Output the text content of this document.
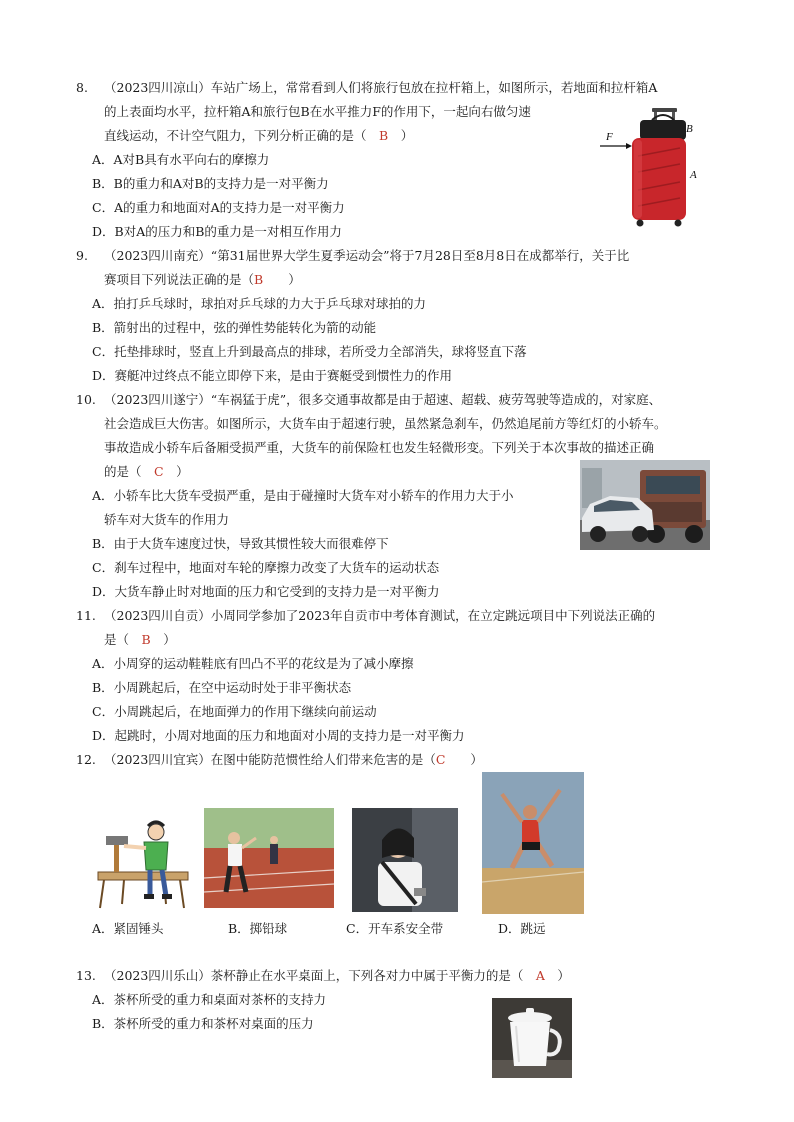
8. （2023四川凉山）车站广场上，常常看到人们将旅行包放在拉杆箱上，如图所示，若地面和拉杆箱A
的上表面均水平，拉杆箱A和旅行包B在水平推力F的作用下，一起向右做匀速
直线运动，不计空气阻力，下列分析正确的是（　B　）
A．A对B具有水平向右的摩擦力
B．B的重力和A对B的支持力是一对平衡力
C．A的重力和地面对A的支持力是一对平衡力
D．B对A的压力和B的重力是一对相互作用力
F
B
A
9. （2023四川南充）“第31届世界大学生夏季运动会”将于7月28日至8月8日在成都举行，关于比
赛项目下列说法正确的是（B　　）
A．拍打乒乓球时，球拍对乒乓球的力大于乒乓球对球拍的力
B．箭射出的过程中，弦的弹性势能转化为箭的动能
C．托垫排球时，竖直上升到最高点的排球，若所受力全部消失，球将竖直下落
D．赛艇冲过终点不能立即停下来，是由于赛艇受到惯性力的作用
10. （2023四川遂宁）“车祸猛于虎”，很多交通事故都是由于超速、超载、疲劳驾驶等造成的，对家庭、
社会造成巨大伤害。如图所示，大货车由于超速行驶，虽然紧急刹车，仍然追尾前方等红灯的小轿车。
事故造成小轿车后备厢受损严重，大货车的前保险杠也发生轻微形变。下列关于本次事故的描述正确
的是（　C　）
A．小轿车比大货车受损严重，是由于碰撞时大货车对小轿车的作用力大于小
轿车对大货车的作用力
B．由于大货车速度过快，导致其惯性较大而很难停下
C．刹车过程中，地面对车轮的摩擦力改变了大货车的运动状态
D．大货车静止时对地面的压力和它受到的支持力是一对平衡力
11. （2023四川自贡）小周同学参加了2023年自贡市中考体育测试，在立定跳远项目中下列说法正确的
是（　B　）
A．小周穿的运动鞋鞋底有凹凸不平的花纹是为了减小摩擦
B．小周跳起后，在空中运动时处于非平衡状态
C．小周跳起后，在地面弹力的作用下继续向前运动
D．起跳时，小周对地面的压力和地面对小周的支持力是一对平衡力
12. （2023四川宜宾）在图中能防范惯性给人们带来危害的是（C　　）
A．紧固锤头	B．掷铅球	C．开车系安全带	D．跳远
13. （2023四川乐山）茶杯静止在水平桌面上，下列各对力中属于平衡力的是（　A　）
A．茶杯所受的重力和桌面对茶杯的支持力
B．茶杯所受的重力和茶杯对桌面的压力
